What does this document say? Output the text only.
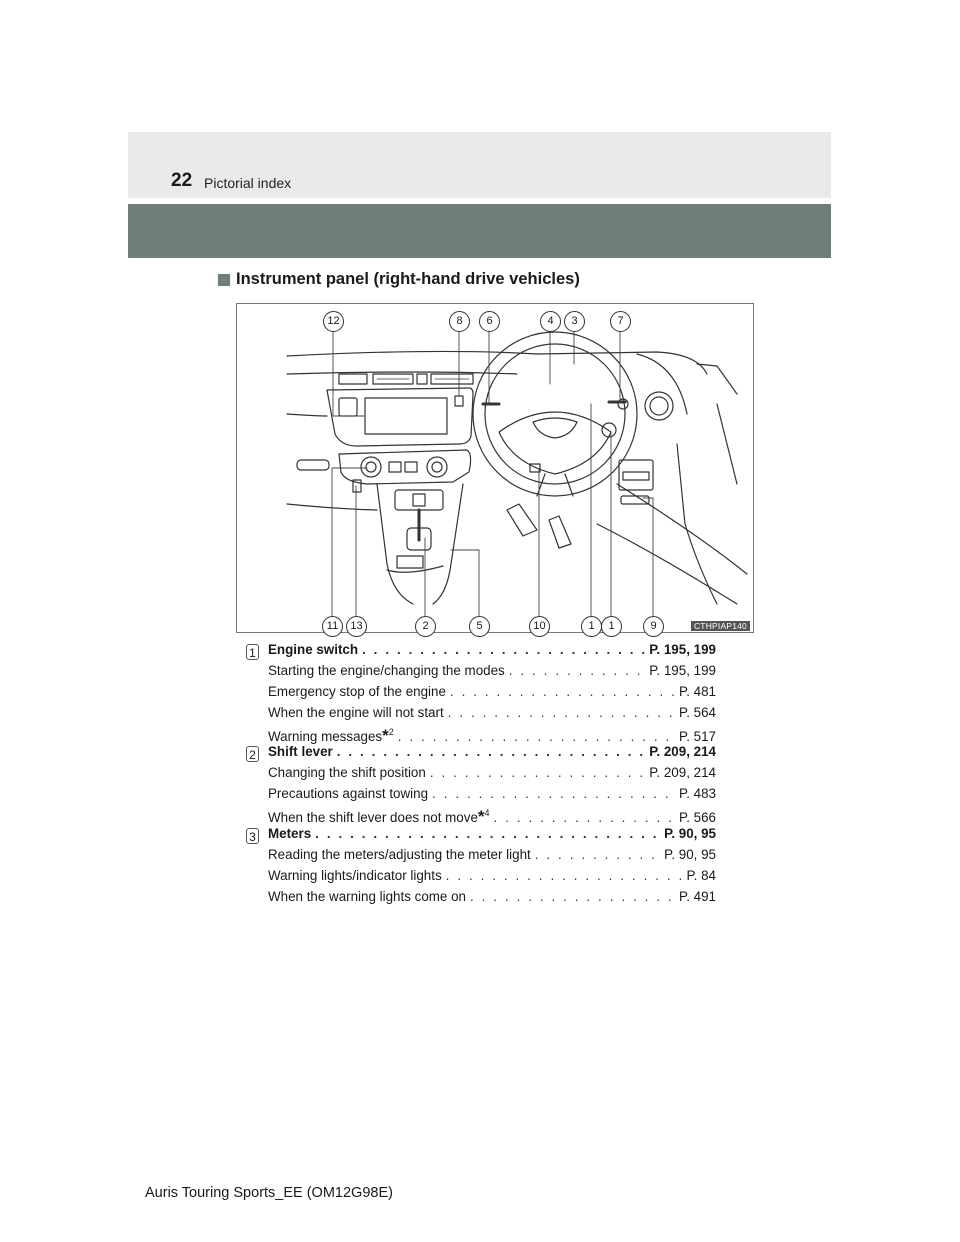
22 Pictorial index
Instrument panel (right-hand drive vehicles)
12	8	6	4	3	7
11	13	2	5	10	1	1	9	CTHPIAP140
1 Engine switch . . .	P. 195, 199
Starting the engine/changing the modes . . .	P. 195, 199
Emergency stop of the engine . . .	P. 481
When the engine will not start . . .	P. 564
Warning messages*$^2$ . . .	P. 517
2 Shift lever . . .	P. 209, 214
Changing the shift position . . .	P. 209, 214
Precautions against towing . . .	P. 483
When the shift lever does not move*$^4$ . . .	P. 566
3 Meters . . .	P. 90, 95
Reading the meters/adjusting the meter light . . .	P. 90, 95
Warning lights/indicator lights . . .	P. 84
When the warning lights come on . . .	P. 491
Auris Touring Sports_EE (OM12G98E)
